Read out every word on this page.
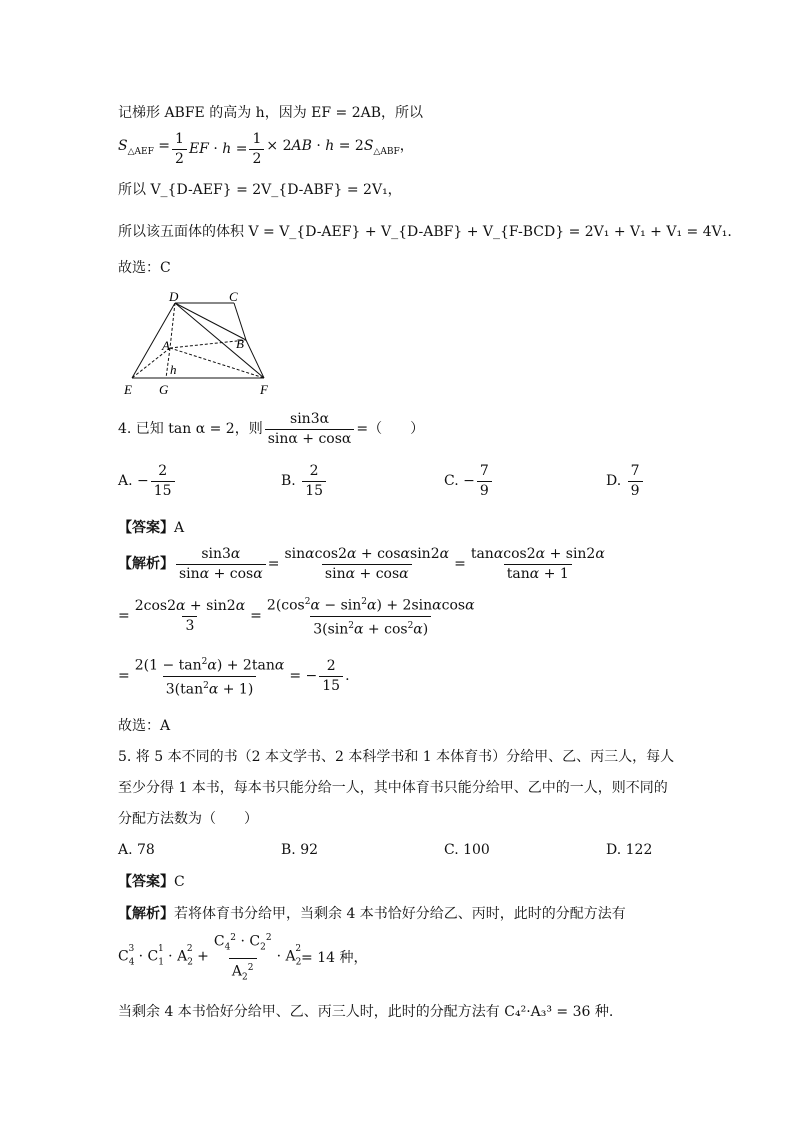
记梯形 ABFE 的高为 h，因为 EF = 2AB，所以
$S_{\triangle AEF} = \frac{1}{2}$ EF · $h = \frac{1}{2} \times 2AB \cdot h = 2S_{\triangle ABF}$，
所以 V_{D-AEF} = 2V_{D-ABF} = 2V₁，
所以该五面体的体积 V = V_{D-AEF} + V_{D-ABF} + V_{F-BCD} = 2V₁ + V₁ + V₁ = 4V₁.
故选：C
D	C
A	B
E G	F
h
4. 已知 tan α = 2，则 $\frac{\sin 3\alpha}{\sin\alpha + \cos\alpha}$ =（　　）
A.
− $\frac{2}{15}$	B.
$\frac{2}{15}$	C.
− $\frac{7}{9}$	D.
$\frac{7}{9}$
【答案】A
【解析】 $\frac{\sin 3\alpha}{\sin\alpha + \cos\alpha} = \frac{\sin\alpha\cos 2\alpha + \cos\alpha\sin 2\alpha}{\sin\alpha + \cos\alpha} = \frac{\tan\alpha\cos 2\alpha + \sin 2\alpha}{\tan\alpha + 1}$
= $\frac{2\cos 2\alpha + \sin 2\alpha}{3} = \frac{2(\cos^2\alpha - \sin^2\alpha) + 2\sin\alpha\cos\alpha}{3(\sin^2\alpha + \cos^2\alpha)}$
= $\frac{2(1 - \tan^2\alpha) + 2\tan\alpha}{3(\tan^2\alpha + 1)}$ = − $\frac{2}{15}$ .
故选：A
5. 将 5 本不同的书（2 本文学书、2 本科学书和 1 本体育书）分给甲、乙、丙三人，每人
至少分得 1 本书，每本书只能分给一人，其中体育书只能分给甲、乙中的一人，则不同的
分配方法数为（　　）
A. 78	B. 92	C. 100	D. 122
【答案】C
【解析】若将体育书分给甲，当剩余 4 本书恰好分给乙、丙时，此时的分配方法有
$C_4^3 \cdot C_1^1 \cdot A_2^2 + \frac{C_4^2 \cdot C_2^2}{A_2^2} \cdot A_2^2$
= 14 种，
当剩余 4 本书恰好分给甲、乙、丙三人时，此时的分配方法有 C₄²·A₃³ = 36 种.
